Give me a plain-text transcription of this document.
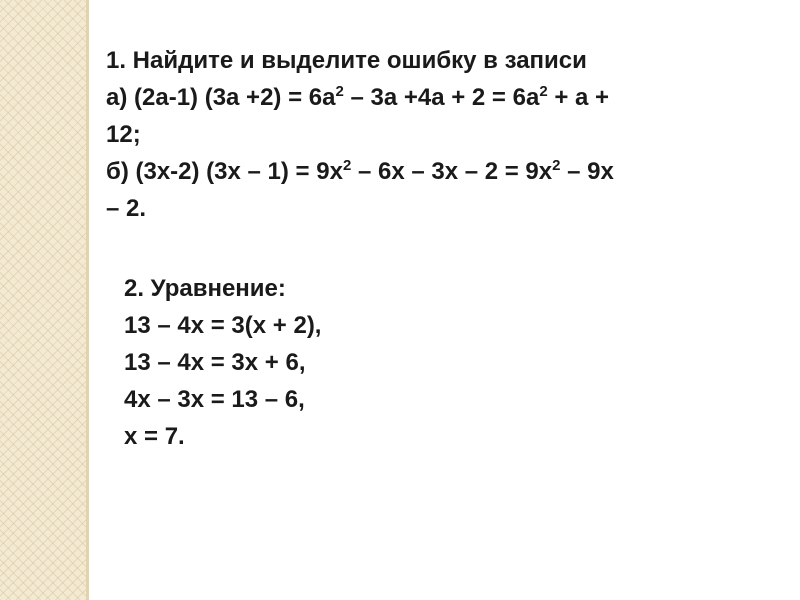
1. Найдите и выделите ошибку в записи
а) (2а-1) $(3а +2) = 6а^2 - 3а +4а + 2 = 6а^2 + а$ +
12;
б) (3х-2) $(3х - 1) = 9х^2 - 6х - 3х - 2 = 9х^2 - 9х$
– 2.
2. Уравнение:
13 – 4х = 3(х + 2),
13 – 4х = 3х + 6,
4х – 3х = 13 – 6,
х = 7.
